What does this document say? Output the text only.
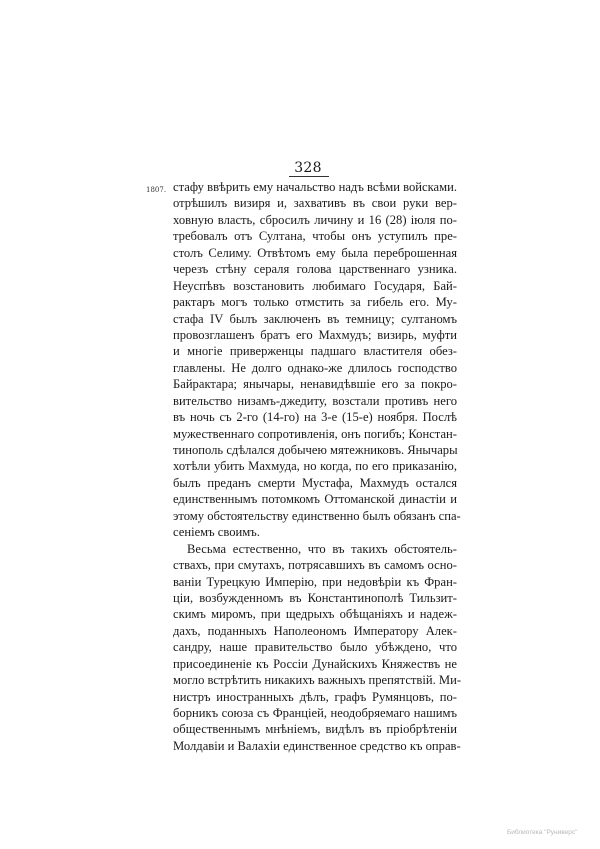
328
1807. стафу ввѣрить ему начальство надъ всѣми войсками.
отрѣшилъ визиря и, захвативъ въ свои руки вер-
ховную власть, сбросилъ личину и 16 (28) іюля по-
требовалъ отъ Султана, чтобы онъ уступилъ пре-
столъ Селиму. Отвѣтомъ ему была переброшенная
черезъ стѣну сераля голова царственнаго узника.
Неуспѣвъ возстановить любимаго Государя, Бай-
рактаръ могъ только отмстить за гибель его. Му-
стафа IV былъ заключенъ въ темницу; султаномъ
провозглашенъ братъ его Махмудъ; визирь, муфти
и многіе приверженцы падшаго властителя обез-
главлены. Не долго однако-же длилось господство
Байрактара; янычары, ненавидѣвшіе его за покро-
вительство низамъ-джедиту, возстали противъ него
въ ночь съ 2-го (14-го) на 3-е (15-е) ноября. Послѣ
мужественнаго сопротивленія, онъ погибъ; Констан-
тинополь сдѣлался добычею мятежниковъ. Янычары
хотѣли убить Махмуда, но когда, по его приказанію,
былъ преданъ смерти Мустафа, Махмудъ остался
единственнымъ потомкомъ Оттоманской династіи и
этому обстоятельству единственно былъ обязанъ спа-
сеніемъ своимъ.
Весьма естественно, что въ такихъ обстоятель-
ствахъ, при смутахъ, потрясавшихъ въ самомъ осно-
ваніи Турецкую Имперію, при недовѣріи къ Фран-
ціи, возбужденномъ въ Константинополѣ Тильзит-
скимъ миромъ, при щедрыхъ обѣщаніяхъ и надеж-
дахъ, поданныхъ Наполеономъ Императору Алек-
сандру, наше правительство было убѣждено, что
присоединеніе къ Россіи Дунайскихъ Княжествъ не
могло встрѣтить никакихъ важныхъ препятствій. Ми-
нистръ иностранныхъ дѣлъ, графъ Румянцовъ, по-
борникъ союза съ Франціей, неодобряемаго нашимъ
общественнымъ мнѣніемъ, видѣлъ въ пріобрѣтеніи
Молдавіи и Валахіи единственное средство къ оправ-
Библиотека "Руниверс"
